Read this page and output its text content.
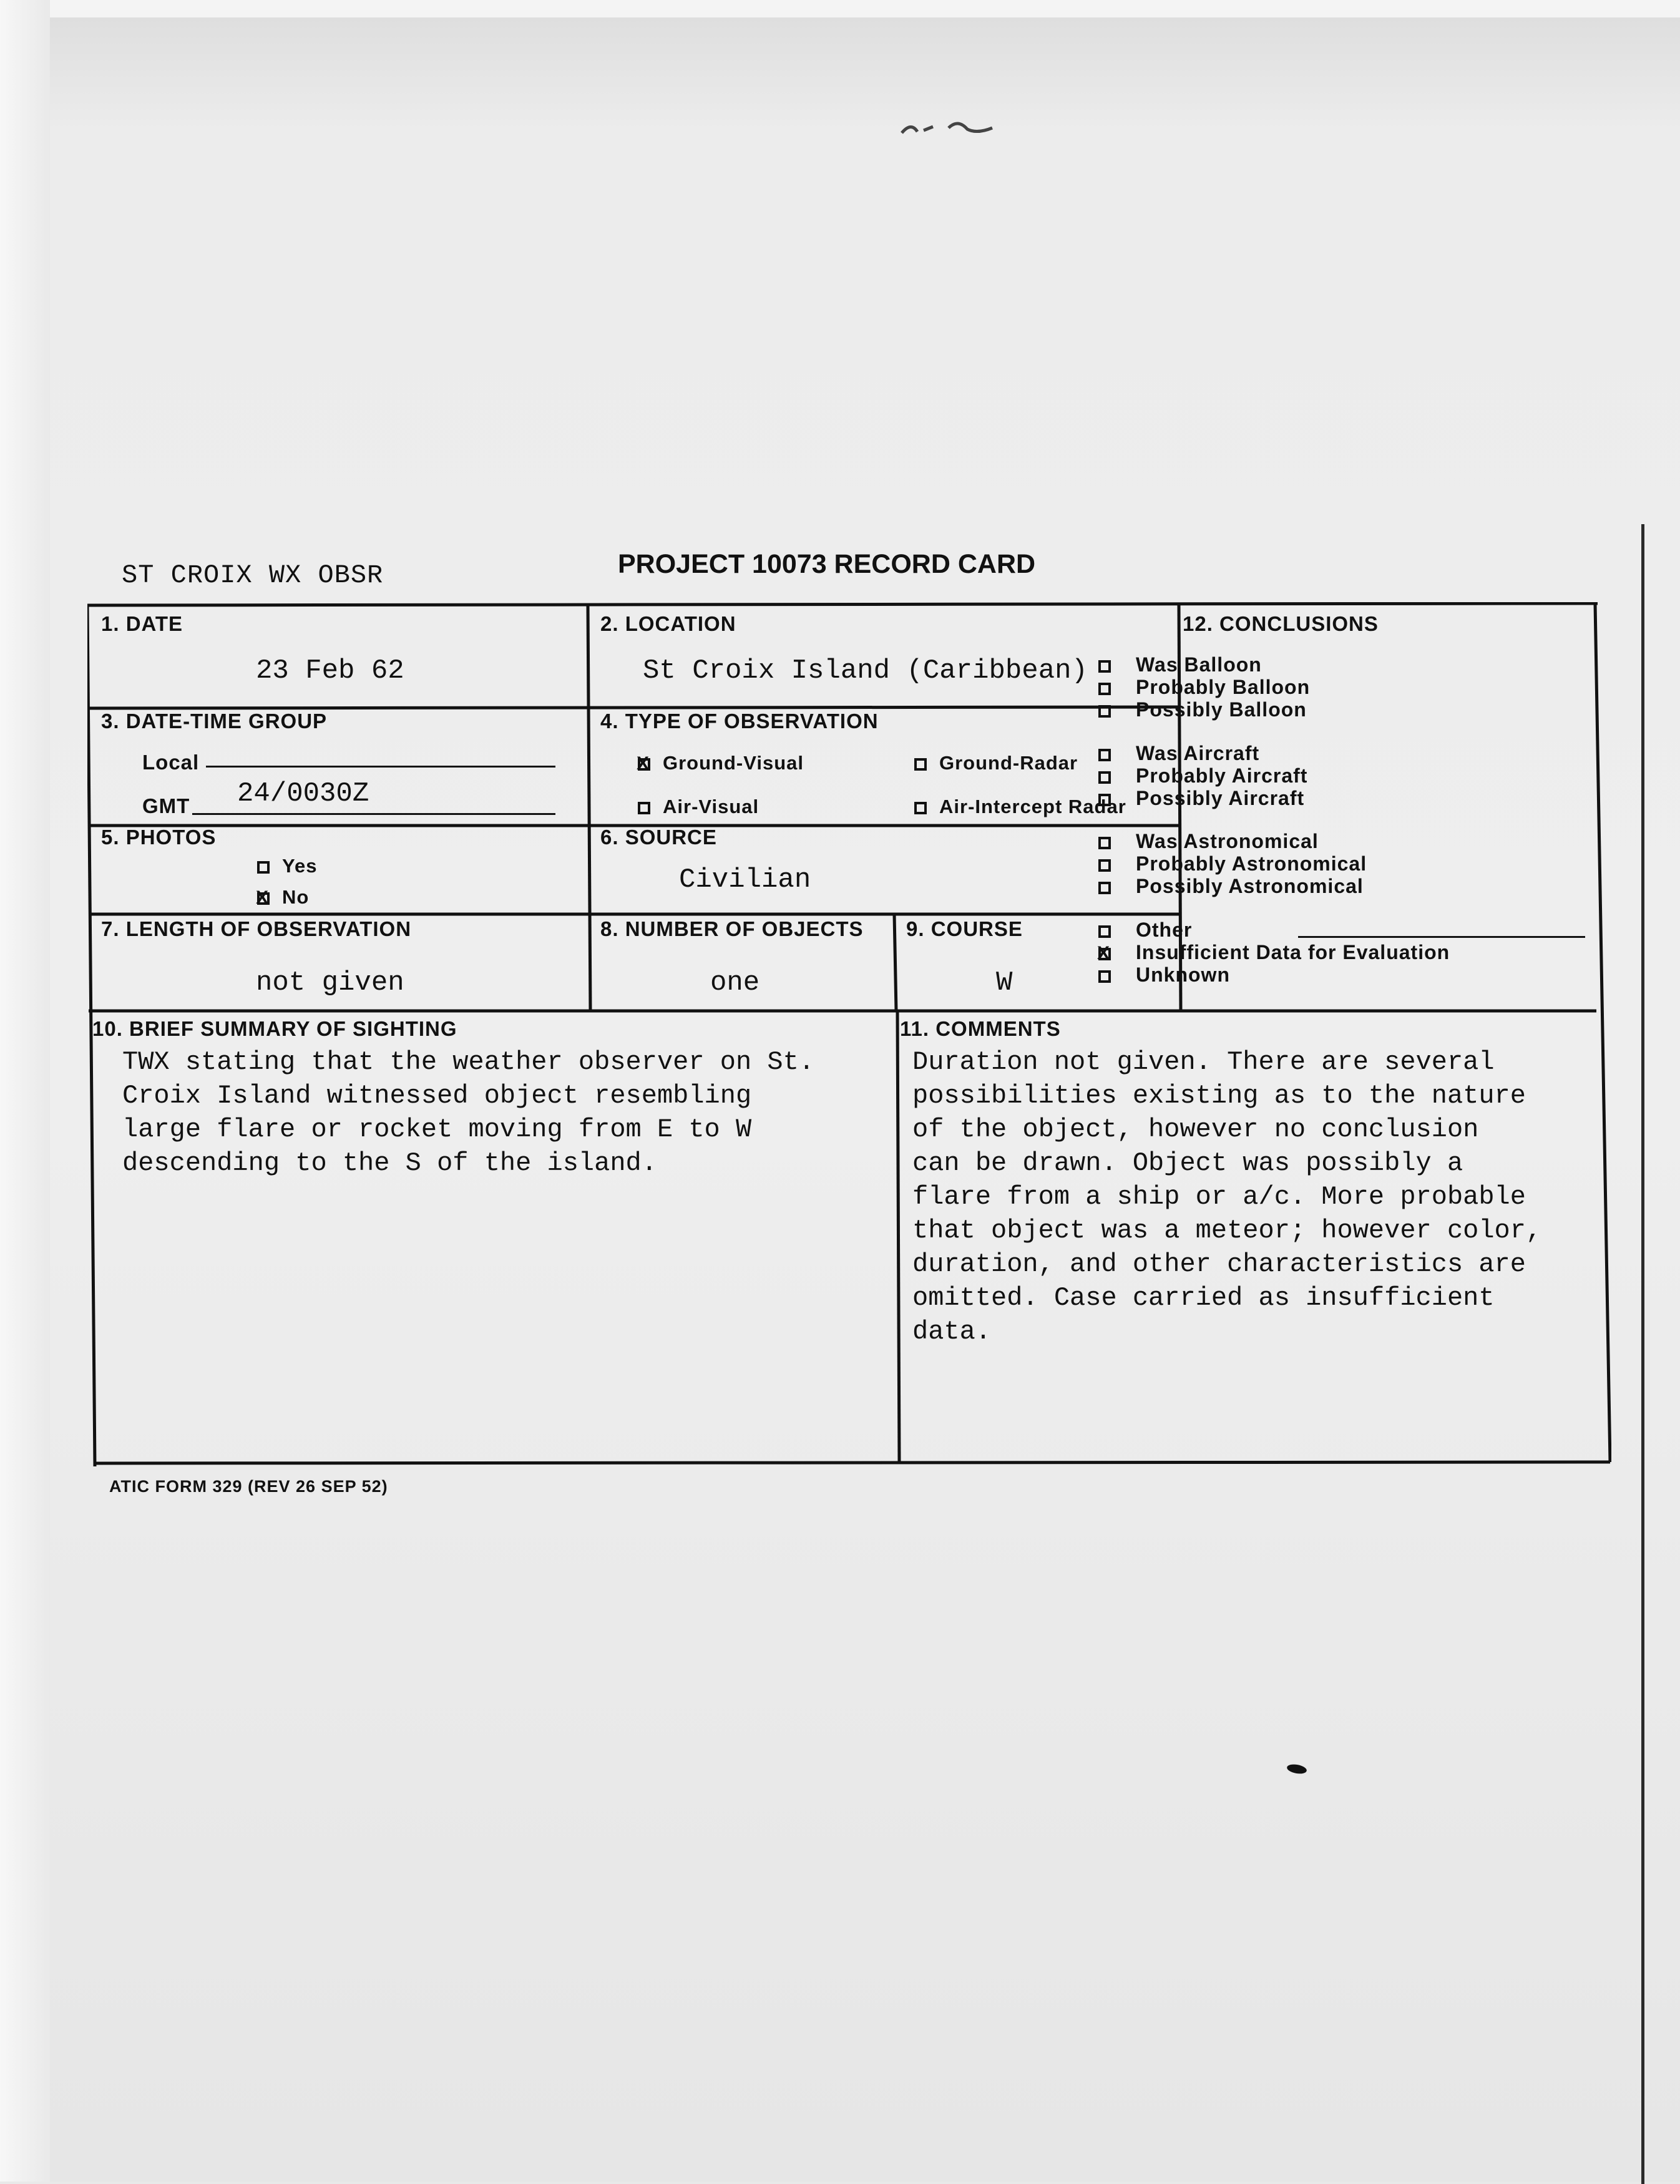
ST CROIX WX OBSR	PROJECT 10073 RECORD CARD
1. DATE
23 Feb 62
2. LOCATION
St Croix Island (Caribbean)
3. DATE-TIME GROUP
Local
GMT 24/0030Z
4. TYPE OF OBSERVATION
XGround-Visual	Ground-Radar
Air-Visual	Air-Intercept Radar
5. PHOTOS
Yes
XNo
6. SOURCE
Civilian
7. LENGTH OF OBSERVATION
not given
8. NUMBER OF OBJECTS
one
9. COURSE
W
10. BRIEF SUMMARY OF SIGHTING
TWX stating that the weather observer on St.
Croix Island witnessed object resembling
large flare or rocket moving from E to W
descending to the S of the island.
11. COMMENTS
Duration not given. There are several
possibilities existing as to the nature
of the object, however no conclusion
can be drawn. Object was possibly a
flare from a ship or a/c. More probable
that object was a meteor; however color,
duration, and other characteristics are
omitted. Case carried as insufficient
data.
12. CONCLUSIONS
Was Balloon
Probably Balloon
Possibly Balloon
Was Aircraft
Probably Aircraft
Possibly Aircraft
Was Astronomical
Probably Astronomical
Possibly Astronomical
Other
XInsufficient Data for Evaluation
Unknown
ATIC FORM 329 (REV 26 SEP 52)
